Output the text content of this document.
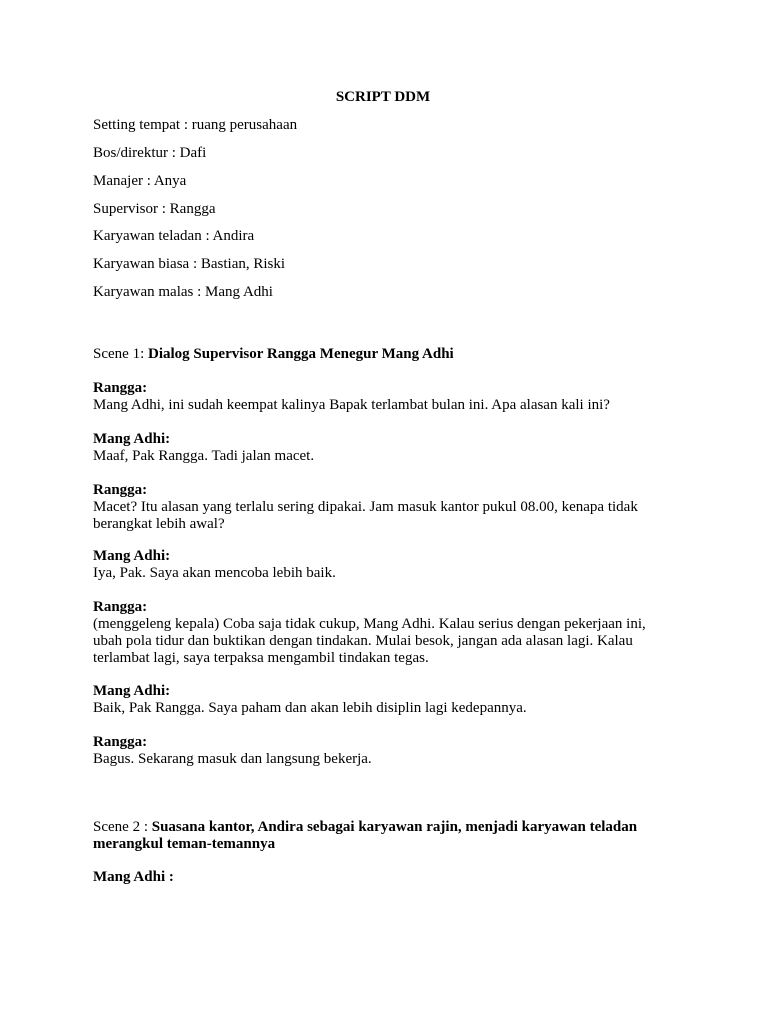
SCRIPT DDM
Setting tempat : ruang perusahaan
Bos/direktur : Dafi
Manajer : Anya
Supervisor : Rangga
Karyawan teladan : Andira
Karyawan biasa : Bastian, Riski
Karyawan malas : Mang Adhi
Scene 1: Dialog Supervisor Rangga Menegur Mang Adhi
Rangga:
Mang Adhi, ini sudah keempat kalinya Bapak terlambat bulan ini. Apa alasan kali ini?
Mang Adhi:
Maaf, Pak Rangga. Tadi jalan macet.
Rangga:
Macet? Itu alasan yang terlalu sering dipakai. Jam masuk kantor pukul 08.00, kenapa tidak berangkat lebih awal?
Mang Adhi:
Iya, Pak. Saya akan mencoba lebih baik.
Rangga:
(menggeleng kepala) Coba saja tidak cukup, Mang Adhi. Kalau serius dengan pekerjaan ini, ubah pola tidur dan buktikan dengan tindakan. Mulai besok, jangan ada alasan lagi. Kalau terlambat lagi, saya terpaksa mengambil tindakan tegas.
Mang Adhi:
Baik, Pak Rangga. Saya paham dan akan lebih disiplin lagi kedepannya.
Rangga:
Bagus. Sekarang masuk dan langsung bekerja.
Scene 2 : Suasana kantor, Andira sebagai karyawan rajin, menjadi karyawan teladan merangkul teman-temannya
Mang Adhi :
